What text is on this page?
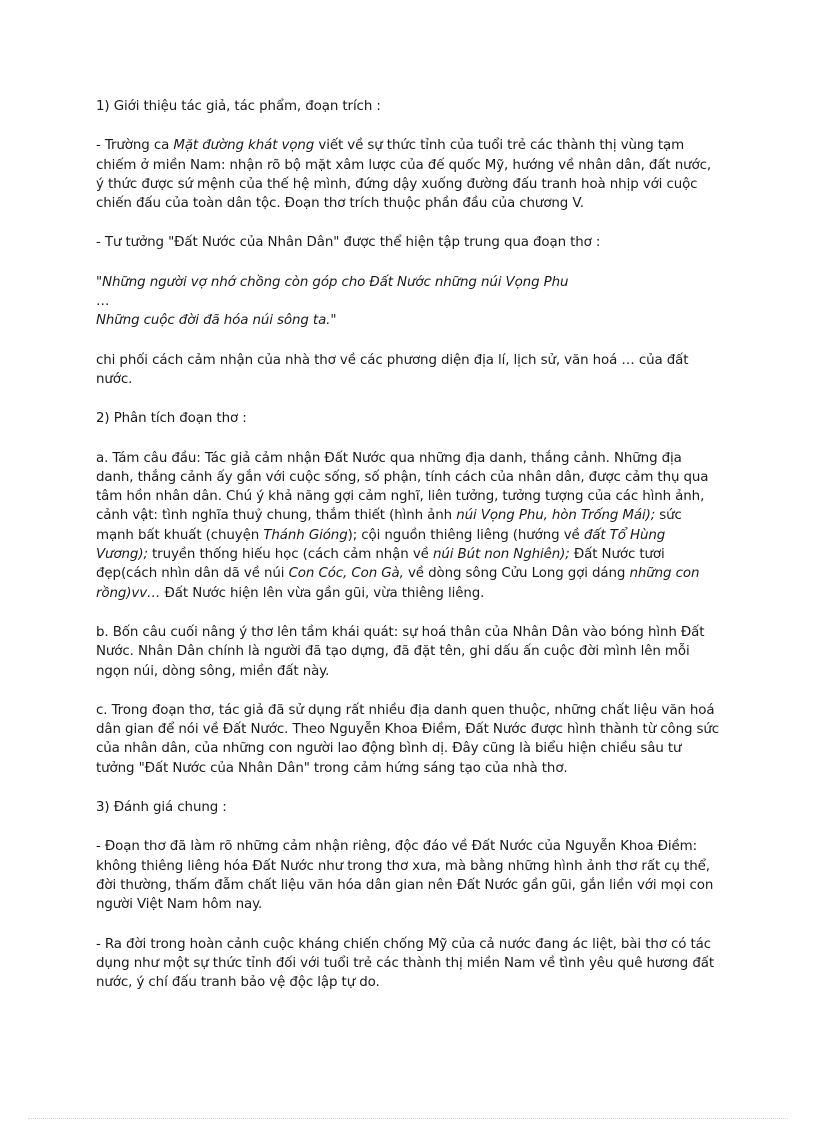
1) Giới thiệu tác giả, tác phẩm, đoạn trích :

- Trường ca Mặt đường khát vọng viết về sự thức tỉnh của tuổi trẻ các thành thị vùng tạm chiếm ở miền Nam: nhận rõ bộ mặt xâm lược của đế quốc Mỹ, hướng về nhân dân, đất nước, ý thức được sứ mệnh của thế hệ mình, đứng dậy xuống đường đấu tranh hoà nhịp với cuộc chiến đấu của toàn dân tộc. Đoạn thơ trích thuộc phần đầu của chương V.

- Tư tưởng "Đất Nước của Nhân Dân" được thể hiện tập trung qua đoạn thơ :

"Những người vợ nhớ chồng còn góp cho Đất Nước những núi Vọng Phu
…
Những cuộc đời đã hóa núi sông ta."

chi phối cách cảm nhận của nhà thơ về các phương diện địa lí, lịch sử, văn hoá … của đất nước.

2) Phân tích đoạn thơ :

a. Tám câu đầu: Tác giả cảm nhận Đất Nước qua những địa danh, thắng cảnh. Những địa danh, thắng cảnh ấy gắn với cuộc sống, số phận, tính cách của nhân dân, được cảm thụ qua tâm hồn nhân dân. Chú ý khả năng gợi cảm nghĩ, liên tưởng, tưởng tượng của các hình ảnh, cảnh vật: tình nghĩa thuỷ chung, thắm thiết (hình ảnh núi Vọng Phu, hòn Trống Mái); sức mạnh bất khuất (chuyện Thánh Gióng); cội nguồn thiêng liêng (hướng về đất Tổ Hùng Vương); truyền thống hiếu học (cách cảm nhận về núi Bút non Nghiên); Đất Nước tươi đẹp(cách nhìn dân dã về núi Con Cóc, Con Gà, về dòng sông Cửu Long gợi dáng những con rồng)vv… Đất Nước hiện lên vừa gần gũi, vừa thiêng liêng.

b. Bốn câu cuối nâng ý thơ lên tầm khái quát: sự hoá thân của Nhân Dân vào bóng hình Đất Nước. Nhân Dân chính là người đã tạo dựng, đã đặt tên, ghi dấu ấn cuộc đời mình lên mỗi ngọn núi, dòng sông, miền đất này.

c. Trong đoạn thơ, tác giả đã sử dụng rất nhiều địa danh quen thuộc, những chất liệu văn hoá dân gian để nói về Đất Nước. Theo Nguyễn Khoa Điềm, Đất Nước được hình thành từ công sức của nhân dân, của những con người lao động bình dị. Đây cũng là biểu hiện chiều sâu tư tưởng "Đất Nước của Nhân Dân" trong cảm hứng sáng tạo của nhà thơ.

3) Đánh giá chung :

- Đoạn thơ đã làm rõ những cảm nhận riêng, độc đáo về Đất Nước của Nguyễn Khoa Điềm: không thiêng liêng hóa Đất Nước như trong thơ xưa, mà bằng những hình ảnh thơ rất cụ thể, đời thường, thấm đẫm chất liệu văn hóa dân gian nên Đất Nước gần gũi, gắn liền với mọi con người Việt Nam hôm nay.

- Ra đời trong hoàn cảnh cuộc kháng chiến chống Mỹ của cả nước đang ác liệt, bài thơ có tác dụng như một sự thức tỉnh đối với tuổi trẻ các thành thị miền Nam về tình yêu quê hương đất nước, ý chí đấu tranh bảo vệ độc lập tự do.
